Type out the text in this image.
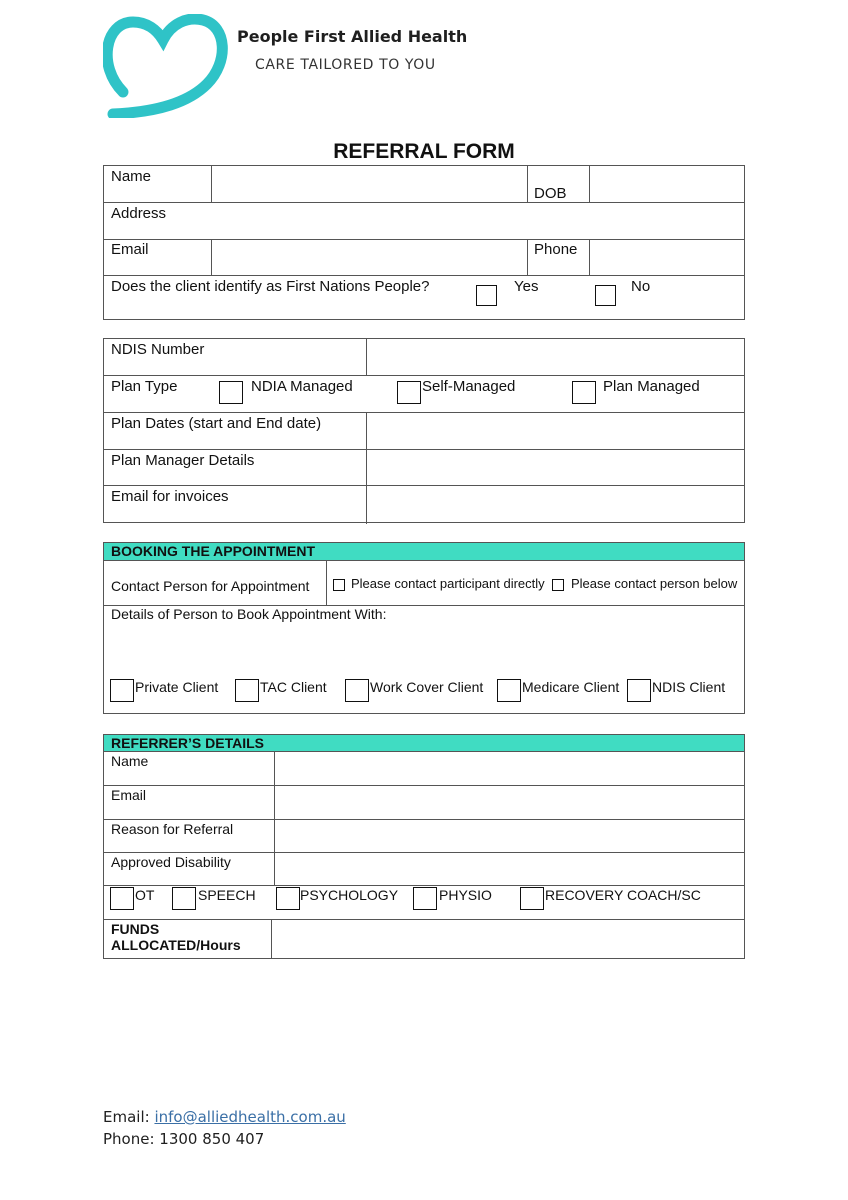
People First Allied Health
CARE TAILORED TO YOU
REFERRAL FORM
Name
DOB
Address
Email	Phone
Does the client identify as First Nations People?	Yes	No
NDIS Number
Plan Type	NDIA Managed	Self-Managed	Plan Managed
Plan Dates (start and End date)
Plan Manager Details
Email for invoices
BOOKING THE APPOINTMENT
Contact Person for Appointment	Please contact participant directly Please contact person below
Details of Person to Book Appointment With:
Private Client	TAC Client	Work Cover Client	Medicare Client NDIS Client
REFERRER’S DETAILS
Name
Email
Reason for Referral
Approved Disability
OT	SPEECH	PSYCHOLOGY	PHYSIO	RECOVERY COACH/SC
FUNDS
ALLOCATED/Hours
Email: info@alliedhealth.com.au
Phone: 1300 850 407
